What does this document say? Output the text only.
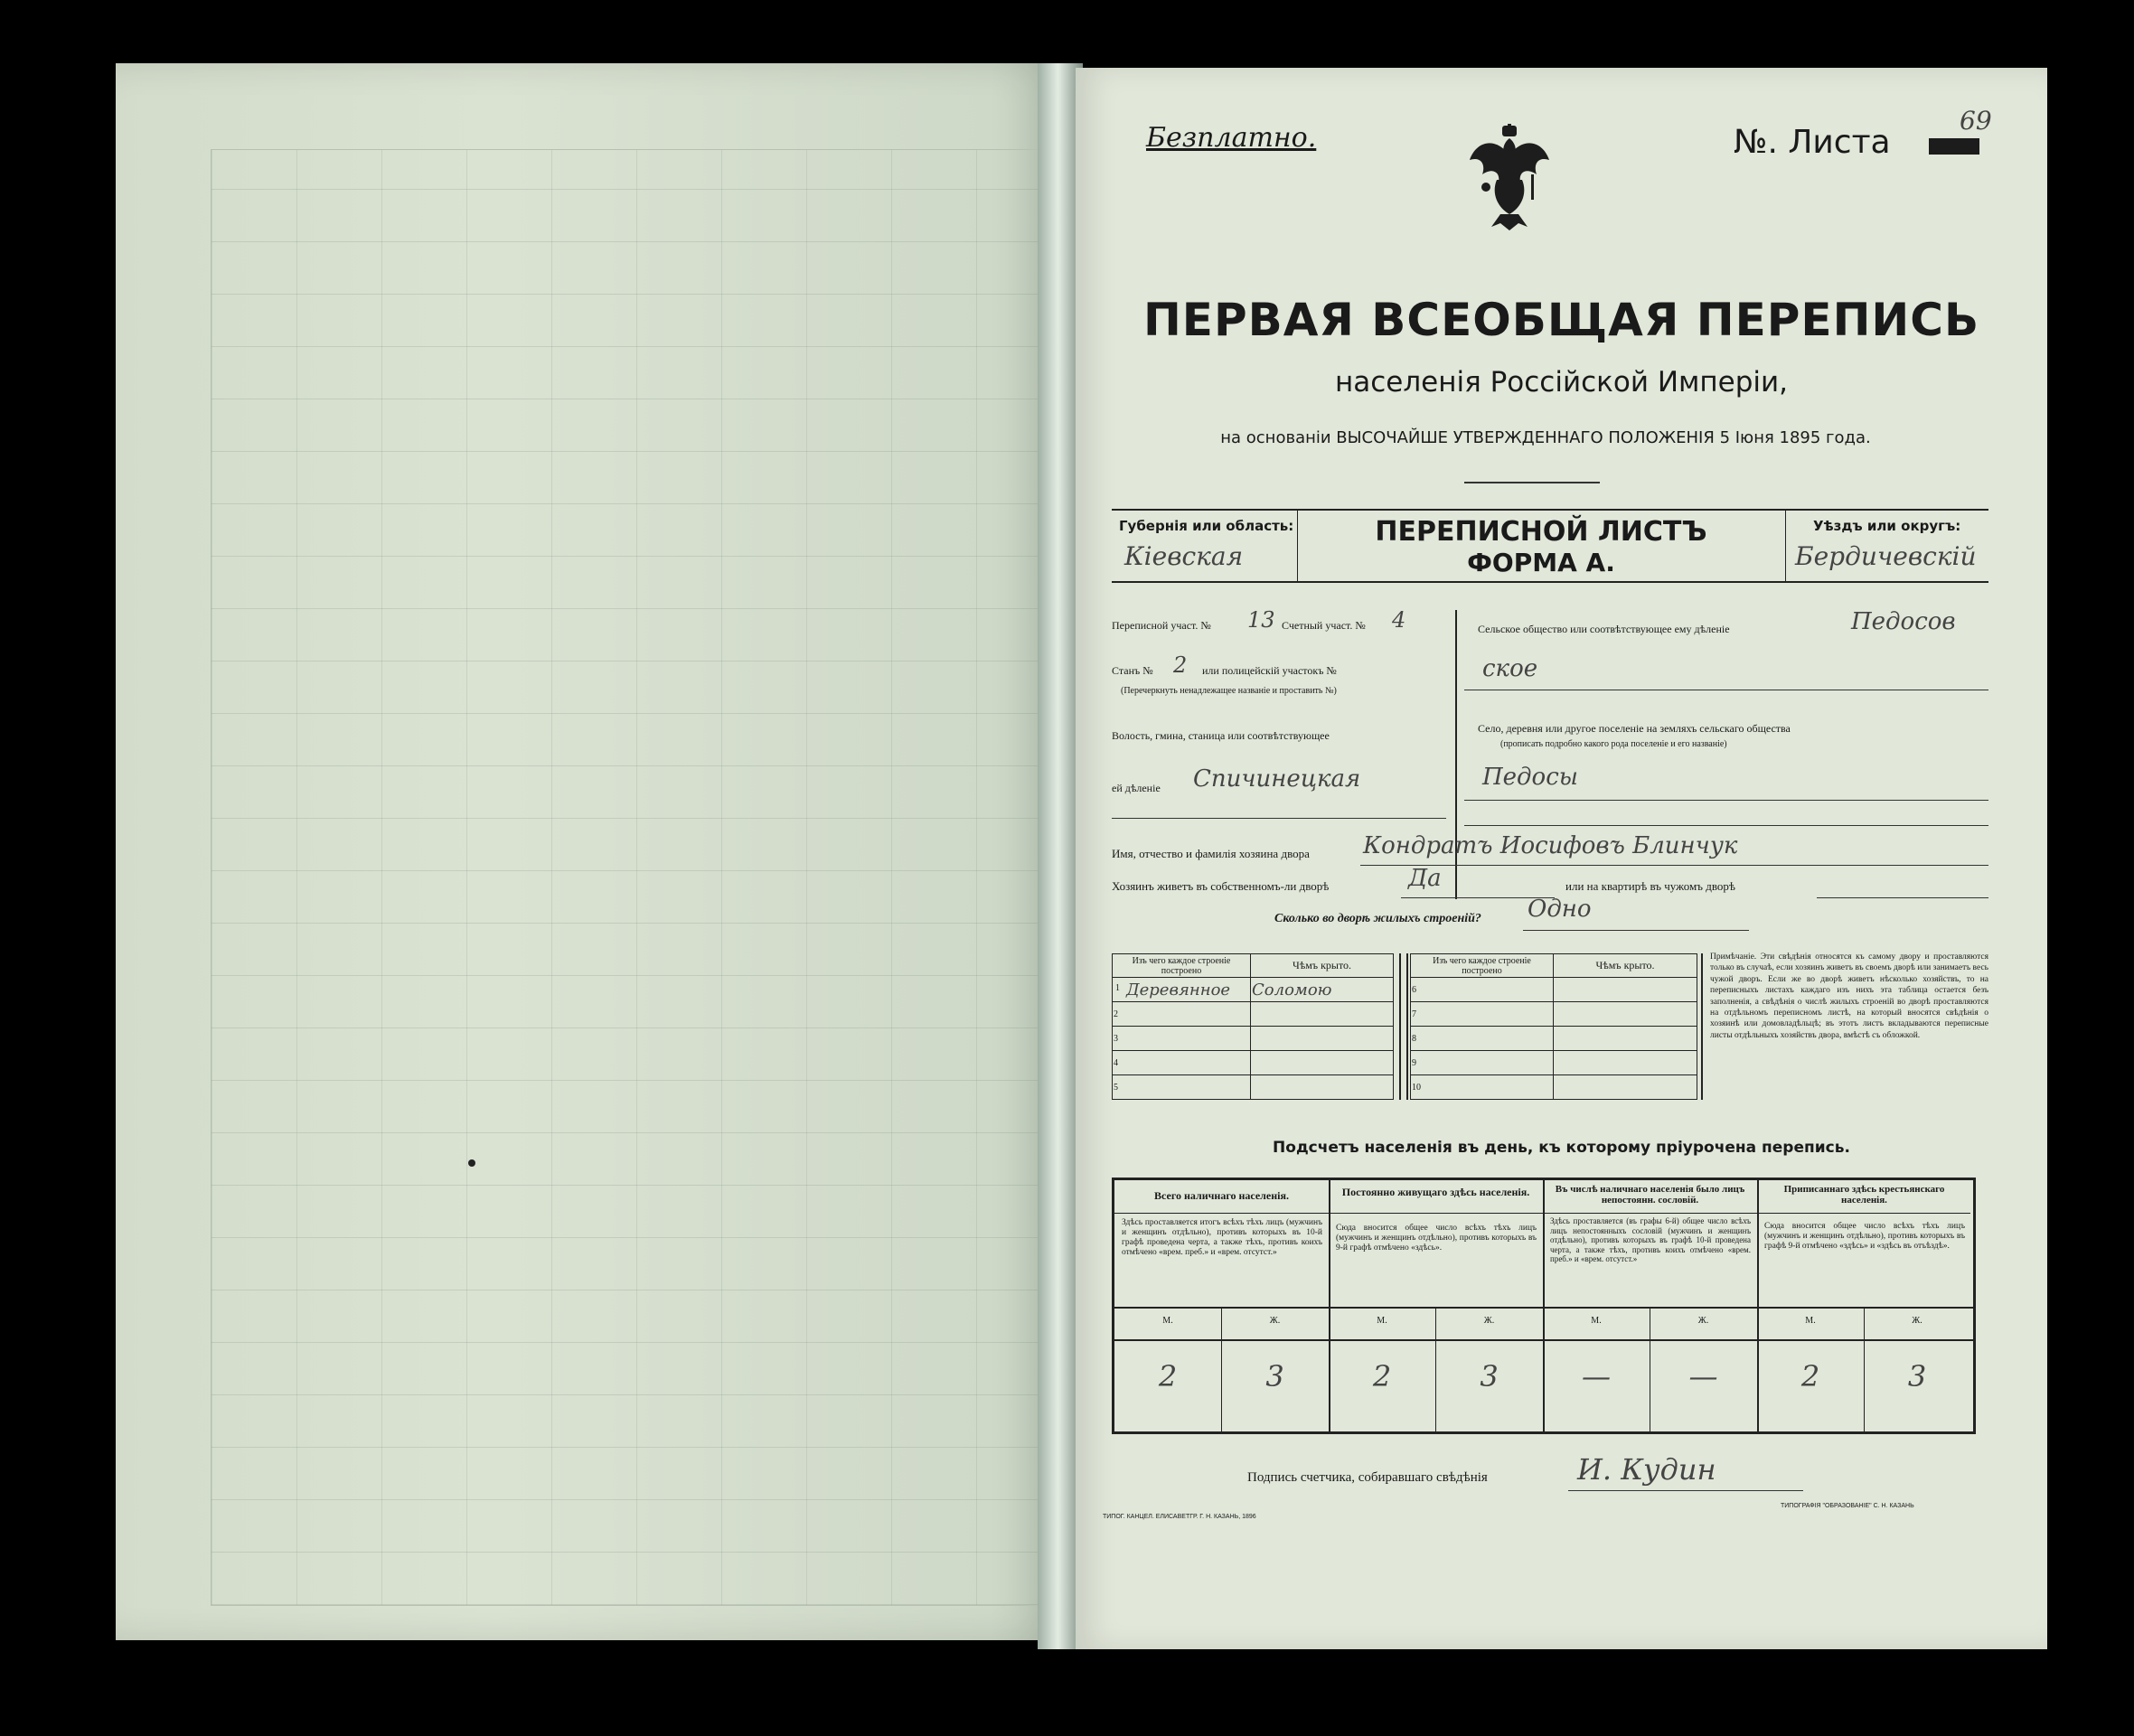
Безплатно.	№. Листа
69
ПЕРВАЯ ВСЕОБЩАЯ ПЕРЕПИСЬ
населенія Россійской Имперіи,
на основаніи ВЫСОЧАЙШЕ УТВЕРЖДЕННАГО ПОЛОЖЕНІЯ 5 Іюня 1895 года.
Губернія или область:
Кіевская
ПЕРЕПИСНОЙ ЛИСТЪ
ФОРМА А.
Уѣздъ или округъ:
Бердичевскій
Переписной участ. № 13 Счетный участ. № 4
Станъ № 2 или полицейскій участокъ №
(Перечеркнуть ненадлежащее названіе и проставить №)
Волость, гмина, станица или соотвѣтствующее
ей дѣленіе Спичинецкая
Сельское общество или соотвѣтствующее ему дѣленіе	Педосов
ское
Село, деревня или другое поселеніе на земляхъ сельскаго общества
(прописать подробно какого рода поселеніе и его названіе)
Педосы
Имя, отчество и фамилія хозяина двора Кондратъ Иосифовъ Блинчук
Хозяинъ живетъ въ собственномъ-ли дворѣ	Да	или на квартирѣ въ чужомъ дворѣ
Сколько во дворѣ жилыхъ строеній? Одно
Изъ чего каждое строеніе построено	Чѣмъ крыто.

1 Деревянное	Соломою
2	
3	
4	
5	
Изъ чего каждое строеніе построено	Чѣмъ крыто.
6	
7	
8	
9	
10	
Примѣчаніе. Эти свѣдѣнія относятся къ самому двору и проставляются только въ случаѣ, если хозяинъ живетъ въ своемъ дворѣ или занимаетъ весь чужой дворъ. Если же во дворѣ живетъ нѣсколько хозяйствъ, то на переписныхъ листахъ каждаго изъ нихъ эта таблица остается безъ заполненія, а свѣдѣнія о числѣ жилыхъ строеній во дворѣ проставляются на отдѣльномъ переписномъ листѣ, на который вносятся свѣдѣнія о хозяинѣ или домовладѣльцѣ; въ этотъ листъ вкладываются переписные листы отдѣльныхъ хозяйствъ двора, вмѣстѣ съ обложкой.
Подсчетъ населенія въ день, къ которому пріурочена перепись.
Всего наличнаго населенія.
Здѣсь проставляется итогъ всѣхъ тѣхъ лицъ (мужчинъ и женщинъ отдѣльно), противъ которыхъ въ 10-й графѣ проведена черта, а также тѣхъ, противъ коихъ отмѣчено «врем. преб.» и «врем. отсутст.»
Постоянно живущаго здѣсь населенія.
Сюда вносится общее число всѣхъ тѣхъ лицъ (мужчинъ и женщинъ отдѣльно), противъ которыхъ въ 9-й графѣ отмѣчено «здѣсь».
Въ числѣ наличнаго населенія было лицъ непостоянн. сословій.
Здѣсь проставляется (въ графы 6-й) общее число всѣхъ лицъ непостоянныхъ сословій (мужчинъ и женщинъ отдѣльно), противъ которыхъ въ графѣ 10-й проведена черта, а также тѣхъ, противъ коихъ отмѣчено «врем. преб.» и «врем. отсутст.»
Приписаннаго здѣсь крестьянскаго населенія.
Сюда вносится общее число всѣхъ тѣхъ лицъ (мужчинъ и женщинъ отдѣльно), противъ которыхъ въ графѣ 9-й отмѣчено «здѣсь» и «здѣсь въ отъѣздѣ».
М.	Ж.	М.	Ж.	М.	Ж.	М.	Ж.
2	3	2	3	—	—	2	3
Подпись счетчика, собиравшаго свѣдѣнія	И. Кудин
ТИПОГ. КАНЦЕЛ. ЕЛИСАВЕТГР. Г. Н. КАЗАНЬ, 1896
ТИПОГРАФІЯ "ОБРАЗОВАНІЕ" С. Н. КАЗАНЬ
